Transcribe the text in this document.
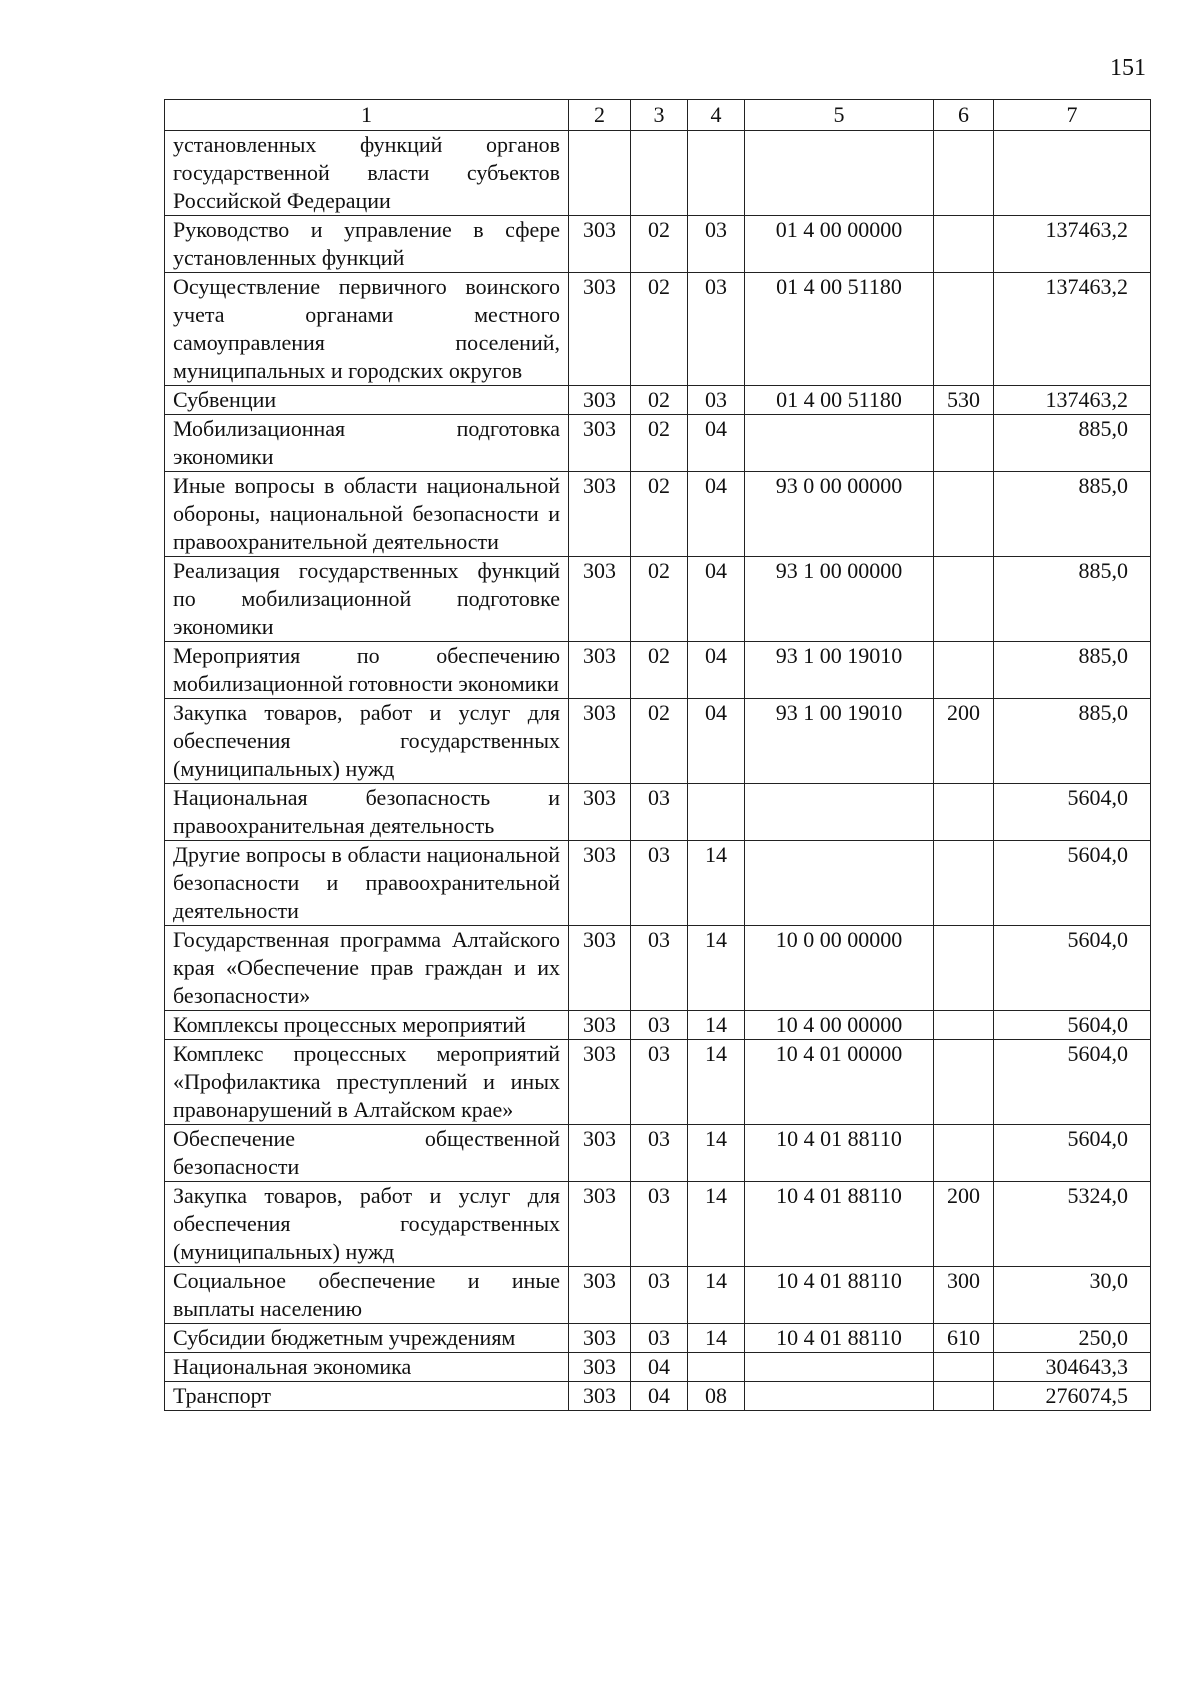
151
1	2	3	4	5	6	7
установленных функций органов государственной власти субъектов Российской Федерации						
Руководство и управление в сфере установленных функций	303	02	03	01 4 00 00000		137463,2
Осуществление первичного воинского учета органами местного самоуправления поселений, муниципальных и городских округов	303	02	03	01 4 00 51180		137463,2
Субвенции	303	02	03	01 4 00 51180	530	137463,2
Мобилизационная подготовка экономики	303	02	04			885,0
Иные вопросы в области национальной обороны, национальной безопасности и правоохранительной деятельности	303	02	04	93 0 00 00000		885,0
Реализация государственных функций по мобилизационной подготовке экономики	303	02	04	93 1 00 00000		885,0
Мероприятия по обеспечению мобилизационной готовности экономики	303	02	04	93 1 00 19010		885,0
Закупка товаров, работ и услуг для обеспечения государственных (муниципальных) нужд	303	02	04	93 1 00 19010	200	885,0
Национальная безопасность и правоохранительная деятельность	303	03				5604,0
Другие вопросы в области национальной безопасности и правоохранительной деятельности	303	03	14			5604,0
Государственная программа Алтайского края «Обеспечение прав граждан и их безопасности»	303	03	14	10 0 00 00000		5604,0
Комплексы процессных мероприятий	303	03	14	10 4 00 00000		5604,0
Комплекс процессных мероприятий «Профилактика преступлений и иных правонарушений в Алтайском крае»	303	03	14	10 4 01 00000		5604,0
Обеспечение общественной безопасности	303	03	14	10 4 01 88110		5604,0
Закупка товаров, работ и услуг для обеспечения государственных (муниципальных) нужд	303	03	14	10 4 01 88110	200	5324,0
Социальное обеспечение и иные выплаты населению	303	03	14	10 4 01 88110	300	30,0
Субсидии бюджетным учреждениям	303	03	14	10 4 01 88110	610	250,0
Национальная экономика	303	04				304643,3
Транспорт	303	04	08			276074,5
